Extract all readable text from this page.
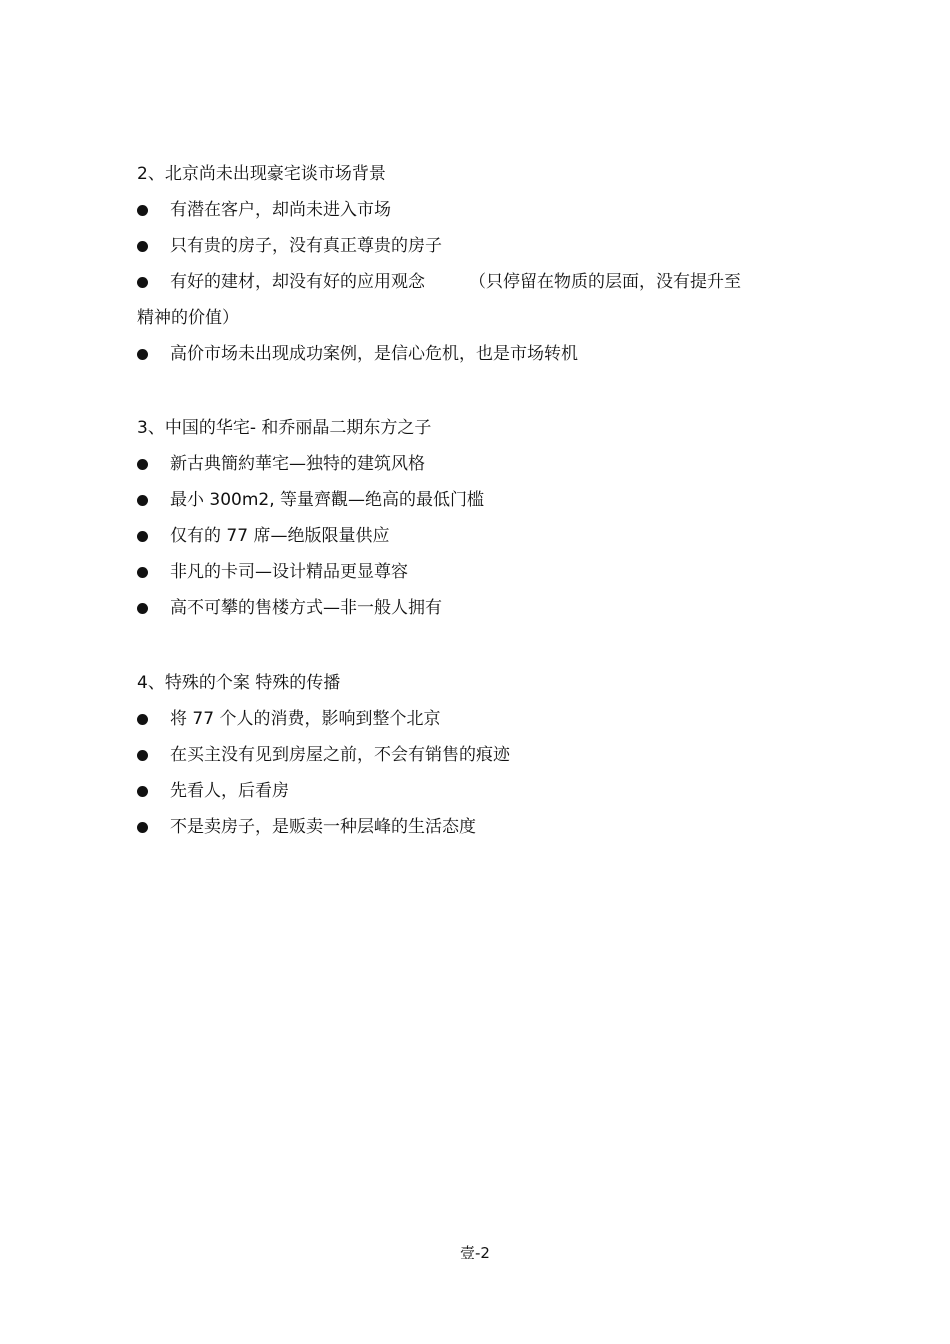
2、北京尚未出现豪宅谈市场背景
有潜在客户，却尚未进入市场
只有贵的房子，没有真正尊贵的房子
有好的建材，却没有好的应用观念	（只停留在物质的层面，没有提升至
精神的价值）
高价市场未出现成功案例，是信心危机，也是市场转机
3、中国的华宅- 和乔丽晶二期东方之子
新古典簡約華宅—独特的建筑风格
最小 300m2, 等量齊觀—绝高的最低门槛
仅有的 77 席—绝版限量供应
非凡的卡司—设计精品更显尊容
高不可攀的售楼方式—非一般人拥有
4、特殊的个案 特殊的传播
将 77 个人的消费，影响到整个北京
在买主没有见到房屋之前，不会有销售的痕迹
先看人，后看房
不是卖房子，是贩卖一种层峰的生活态度
壹-2
